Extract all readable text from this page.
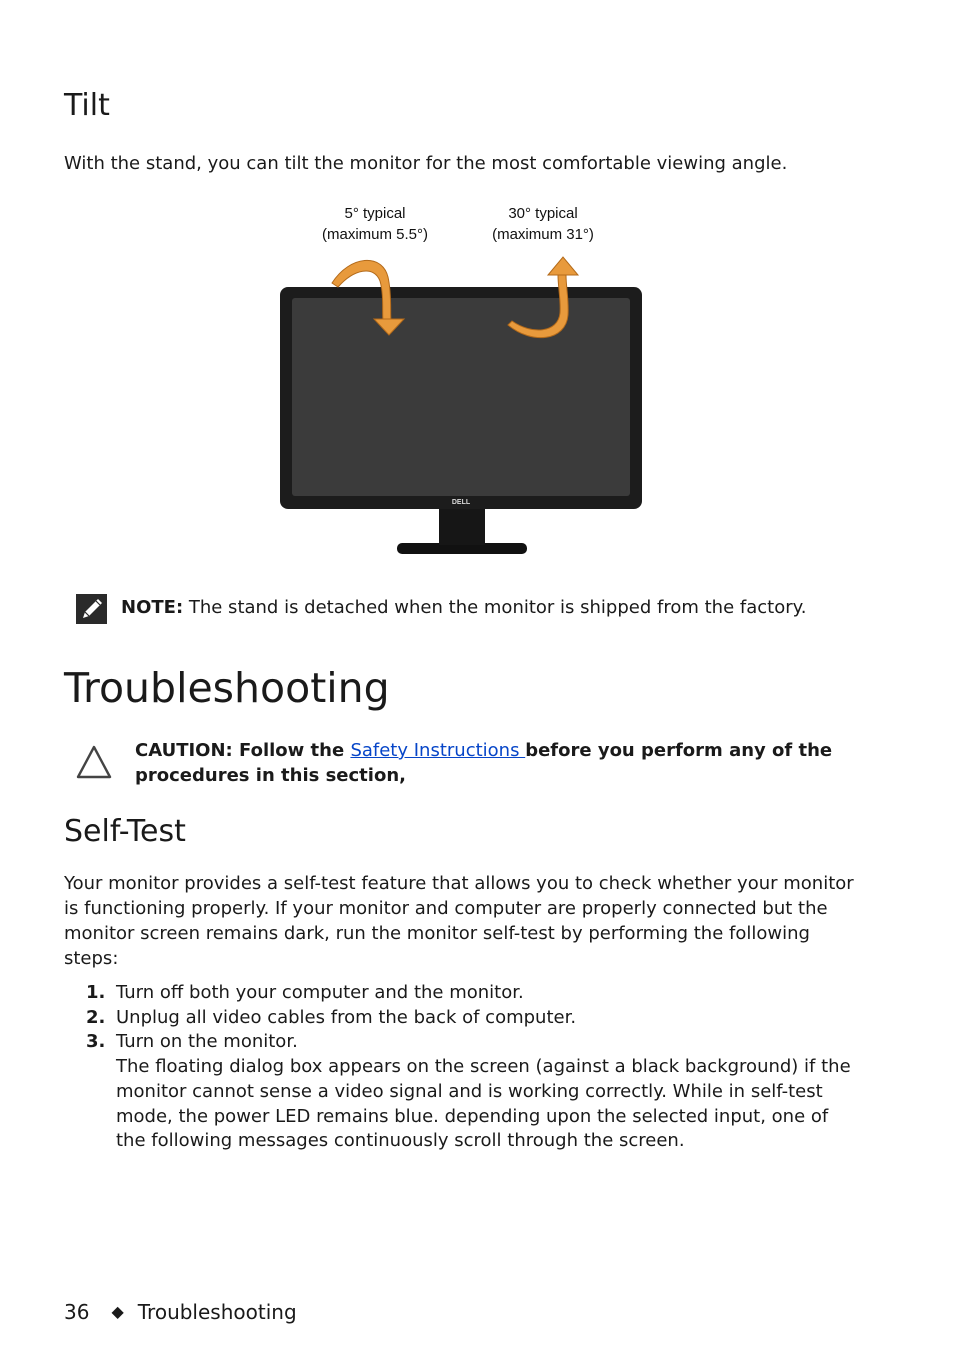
Tilt

With the stand, you can tilt the monitor for the most comfortable viewing angle.

5° typical
(maximum 5.5°)
30° typical
(maximum 31°)
DELL

NOTE: The stand is detached when the monitor is shipped from the factory.

Troubleshooting

CAUTION: Follow the Safety Instructions before you perform any of the procedures in this section,

Self-Test

Your monitor provides a self-test feature that allows you to check whether your monitor is functioning properly. If your monitor and computer are properly connected but the monitor screen remains dark, run the monitor self-test by performing the following steps:

1. Turn off both your computer and the monitor.
2. Unplug all video cables from the back of computer.
3. Turn on the monitor.
The floating dialog box appears on the screen (against a black background) if the monitor cannot sense a video signal and is working correctly. While in self-test mode, the power LED remains blue. depending upon the selected input, one of the following messages continuously scroll through the screen.

36 ◆ Troubleshooting
